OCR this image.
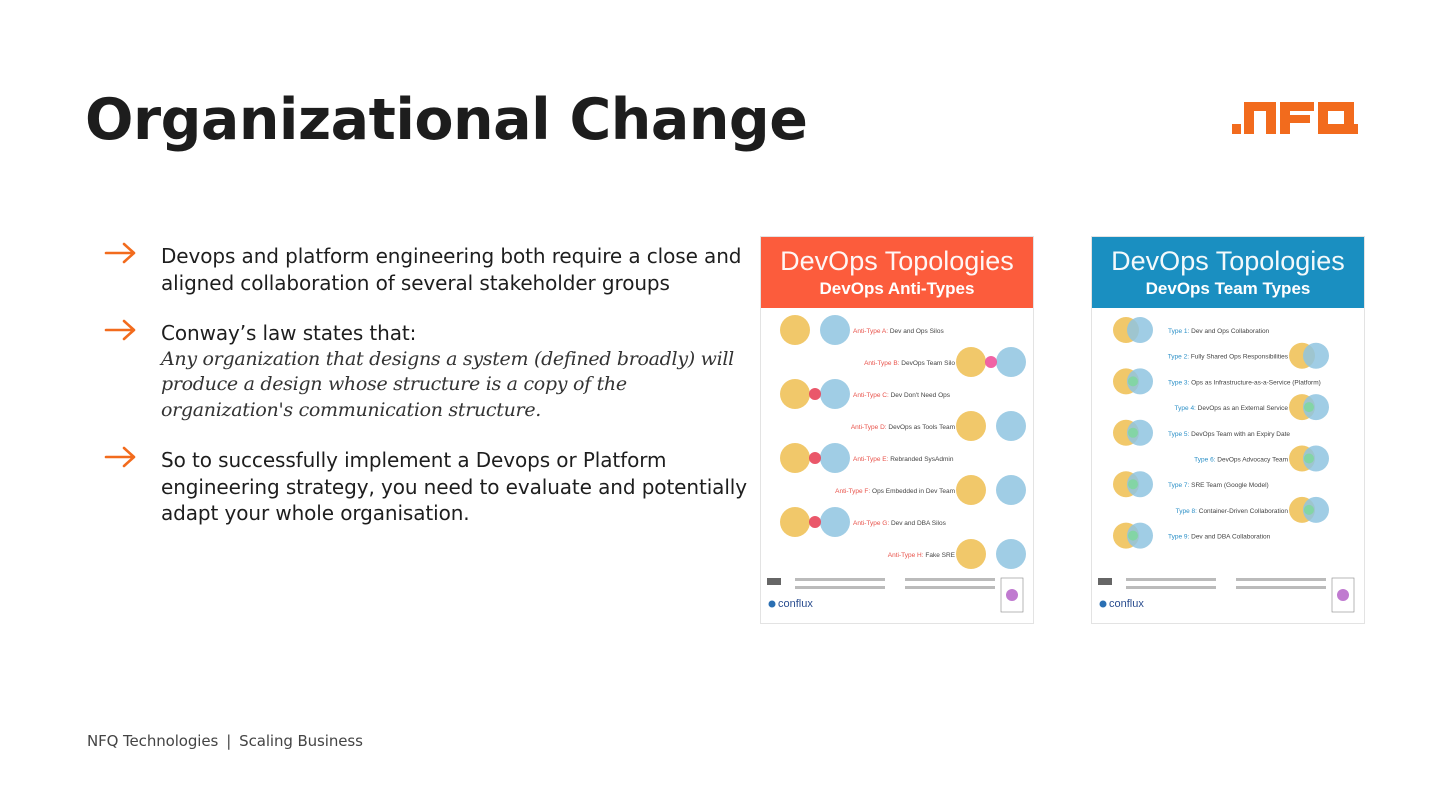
Organizational Change
Devops and platform engineering both require a close and aligned collaboration of several stakeholder groups
Conway’s law states that:
Any organization that designs a system (defined broadly) will produce a design whose structure is a copy of the organization's communication structure.
So to successfully implement a Devops or Platform engineering strategy, you need to evaluate and potentially adapt your whole organisation.
DevOps Topologies
DevOps Anti-Types
Anti-Type A: Dev and Ops Silos
Anti-Type B: DevOps Team Silo
Anti-Type C: Dev Don't Need Ops
Anti-Type D: DevOps as Tools Team
Anti-Type E: Rebranded SysAdmin
Anti-Type F: Ops Embedded in Dev Team
Anti-Type G: Dev and DBA Silos
Anti-Type H: Fake SRE
conflux
DevOps Topologies
DevOps Team Types
Type 1: Dev and Ops Collaboration
Type 2: Fully Shared Ops Responsibilities
Type 3: Ops as Infrastructure-as-a-Service (Platform)
Type 4: DevOps as an External Service
Type 5: DevOps Team with an Expiry Date
Type 6: DevOps Advocacy Team
Type 7: SRE Team (Google Model)
Type 8: Container-Driven Collaboration
Type 9: Dev and DBA Collaboration
conflux
NFQ Technologies | Scaling Business
